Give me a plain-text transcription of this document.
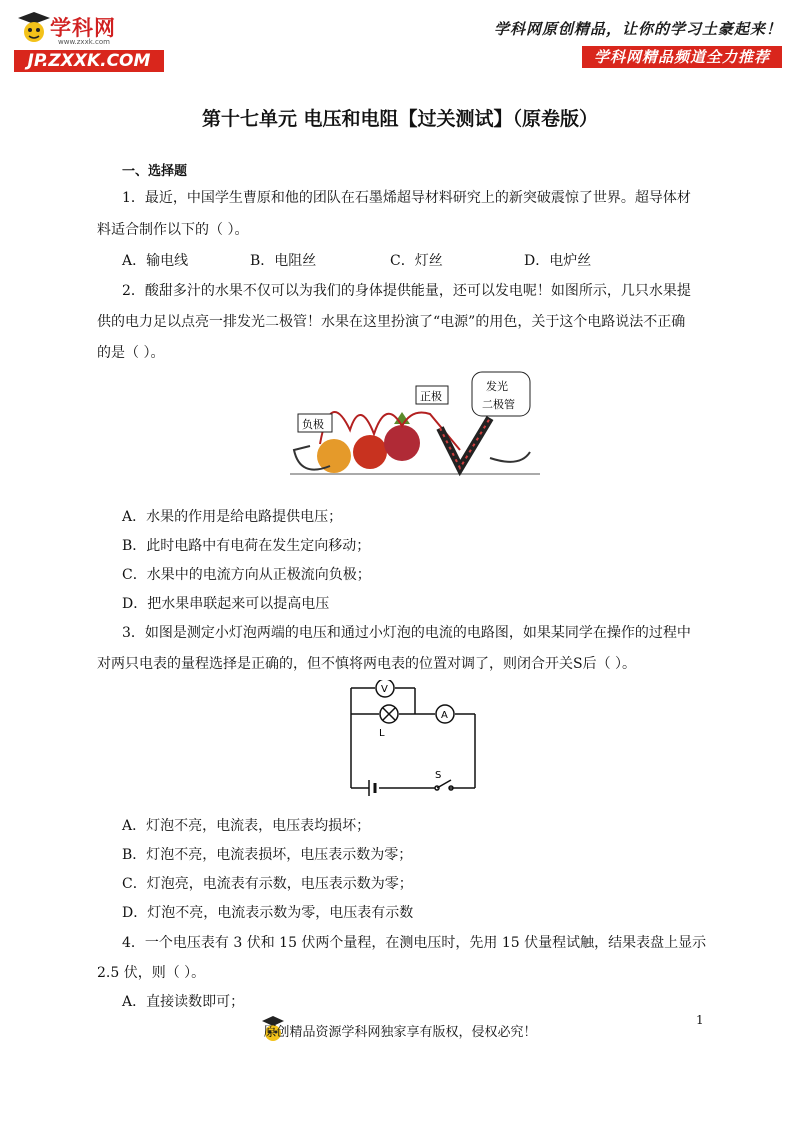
学科网
www.zxxk.com
JP.ZXXK.COM
学科网原创精品，让你的学习土豪起来！
学科网精品频道全力推荐
第十七单元 电压和电阻【过关测试】（原卷版）
一、选择题
1．最近，中国学生曹原和他的团队在石墨烯超导材料研究上的新突破震惊了世界。超导体材
料适合制作以下的（ ）。
A．输电线	B．电阻丝	C．灯丝	D．电炉丝
2．酸甜多汁的水果不仅可以为我们的身体提供能量，还可以发电呢！如图所示，几只水果提
供的电力足以点亮一排发光二极管！水果在这里扮演了“电源”的用色，关于这个电路说法不正确
的是（ ）。
负极
正极
发光
二极管
A．水果的作用是给电路提供电压；
B．此时电路中有电荷在发生定向移动；
C．水果中的电流方向从正极流向负极；
D．把水果串联起来可以提高电压
3．如图是测定小灯泡两端的电压和通过小灯泡的电流的电路图，如果某同学在操作的过程中
对两只电表的量程选择是正确的，但不慎将两电表的位置对调了，则闭合开关S后（ ）。
V
L
A
S
A．灯泡不亮，电流表，电压表均损坏；
B．灯泡不亮，电流表损坏，电压表示数为零；
C．灯泡亮，电流表有示数，电压表示数为零；
D．灯泡不亮，电流表示数为零，电压表有示数
4．一个电压表有 3 伏和 15 伏两个量程，在测电压时，先用 15 伏量程试触，结果表盘上显示
2.5 伏，则（ ）。
A．直接读数即可；
1
原创精品资源学科网独家享有版权，侵权必究！
